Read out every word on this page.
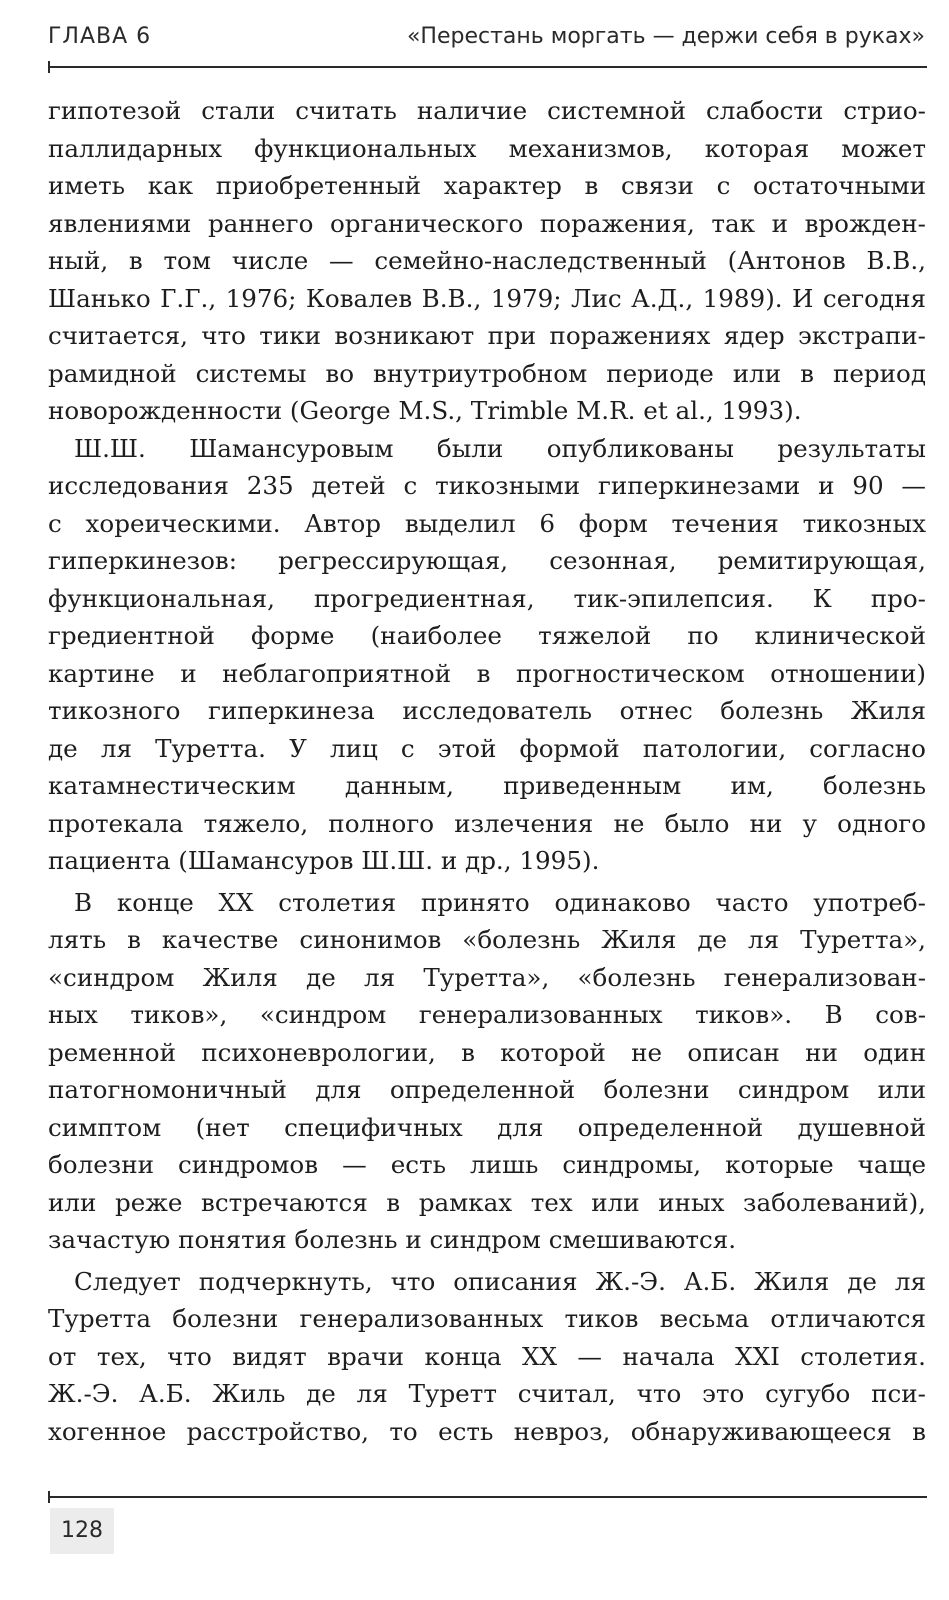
ГЛАВА 6	«Перестань моргать — держи себя в руках»
гипотезой стали считать наличие системной слабости стрио-
паллидарных функциональных механизмов, которая может
иметь как приобретенный характер в связи с остаточными
явлениями раннего органического поражения, так и врожден-
ный, в том числе — семейно-наследственный (Антонов В.В.,
Шанько Г.Г., 1976; Ковалев В.В., 1979; Лис А.Д., 1989). И сегодня
считается, что тики возникают при поражениях ядер экстрапи-
рамидной системы во внутриутробном периоде или в период
новорожденности (George M.S., Trimble M.R. et al., 1993).
Ш.Ш. Шамансуровым были опубликованы результаты
исследования 235 детей с тикозными гиперкинезами и 90 —
с хореическими. Автор выделил 6 форм течения тикозных
гиперкинезов: регрессирующая, сезонная, ремитирующая,
функциональная, прогредиентная, тик-эпилепсия. К про-
гредиентной форме (наиболее тяжелой по клинической
картине и неблагоприятной в прогностическом отношении)
тикозного гиперкинеза исследователь отнес болезнь Жиля
де ля Туретта. У лиц с этой формой патологии, согласно
катамнестическим данным, приведенным им, болезнь
протекала тяжело, полного излечения не было ни у одного
пациента (Шамансуров Ш.Ш. и др., 1995).
В конце XX столетия принято одинаково часто употреб-
лять в качестве синонимов «болезнь Жиля де ля Туретта»,
«синдром Жиля де ля Туретта», «болезнь генерализован-
ных тиков», «синдром генерализованных тиков». В сов-
ременной психоневрологии, в которой не описан ни один
патогномоничный для определенной болезни синдром или
симптом (нет специфичных для определенной душевной
болезни синдромов — есть лишь синдромы, которые чаще
или реже встречаются в рамках тех или иных заболеваний),
зачастую понятия болезнь и синдром смешиваются.
Следует подчеркнуть, что описания Ж.-Э. А.Б. Жиля де ля
Туретта болезни генерализованных тиков весьма отличаются
от тех, что видят врачи конца XX — начала XXI столетия.
Ж.-Э. А.Б. Жиль де ля Туретт считал, что это сугубо пси-
хогенное расстройство, то есть невроз, обнаруживающееся в
128
